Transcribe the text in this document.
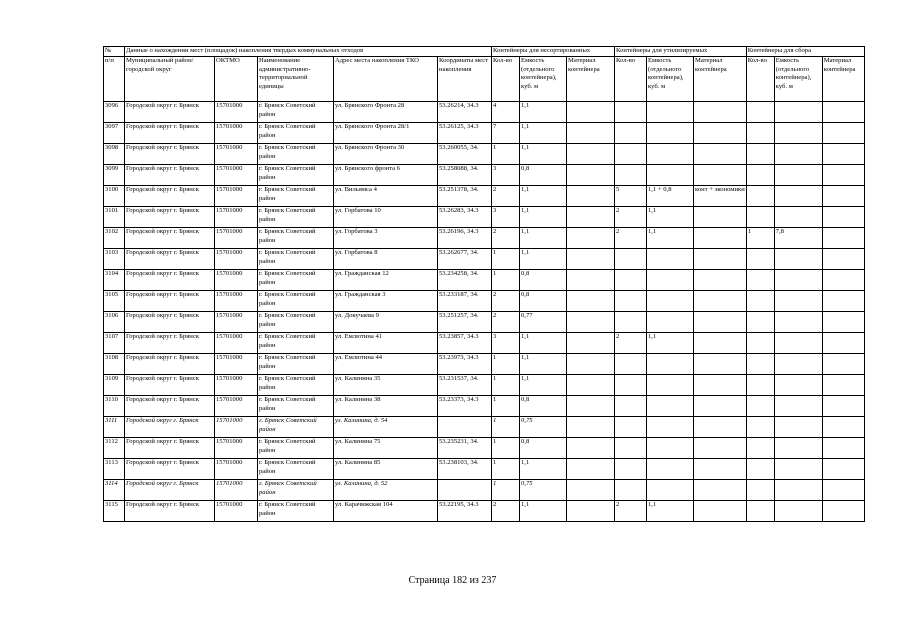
№	Данные о нахождении мест (площадок) накопления твердых коммунальных отходов					Контейнеры для несортированных			Контейнеры для утилизируемых			Контейнеры для сбора		
п/п	Муниципальный район/городской округ	ОКТМО	Наименование административно-территориальной единицы	Адрес места накопления ТКО	Координаты мест накопления	Кол-во	Емкость (отдельного контейнера), куб. м	Материал контейнера	Кол-во	Емкость (отдельного контейнера), куб. м	Материал контейнера	Кол-во	Емкость (отдельного контейнера), куб. м	Материал контейнера
3096	Городской округ г. Брянск	15701000	г. Брянск Советский район	ул. Брянского Фронта 28	53.26214, 34.3	4	1,1							
3097	Городской округ г. Брянск	15701000	г. Брянск Советский район	ул. Брянского Фронта 28/1	53.26125, 34.3	7	1,1							
3098	Городской округ г. Брянск	15701000	г. Брянск Советский район	ул. Брянского Фронта 30	53.260055, 34.	1	1,1							
3099	Городской округ г. Брянск	15701000	г. Брянск Советский район	ул. Брянского фронта 6	53.258088, 34.	3	0,8							
3100	Городской округ г. Брянск	15701000	г. Брянск Советский район	ул. Вильямса 4	53.251378, 34.	2	1,1		5	1,1 + 0,8	конт + экономики			
3101	Городской округ г. Брянск	15701000	г. Брянск Советский район	ул. Горбатова 10	53.26283, 34.3	3	1,1		2	1,1				
3102	Городской округ г. Брянск	15701000	г. Брянск Советский район	ул. Горбатова 3	53.26196, 34.3	2	1,1		2	1,1		1	7,8	
3103	Городской округ г. Брянск	15701000	г. Брянск Советский район	ул. Горбатова 8	53.262677, 34.	1	1,1							
3104	Городской округ г. Брянск	15701000	г. Брянск Советский район	ул. Гражданская 12	53.234258, 34.	1	0,8							
3105	Городской округ г. Брянск	15701000	г. Брянск Советский район	ул. Гражданская 3	53.233187, 34.	2	0,8							
3106	Городской округ г. Брянск	15701000	г. Брянск Советский район	ул. Докучаева 9	53.251257, 34.	2	0,77							
3107	Городской округ г. Брянск	15701000	г. Брянск Советский район	ул. Емлютина 41	53.23857, 34.3	3	1,1		2	1,1				
3108	Городской округ г. Брянск	15701000	г. Брянск Советский район	ул. Емлютина 44	53.23973, 34.3	1	1,1							
3109	Городской округ г. Брянск	15701000	г. Брянск Советский район	ул. Калинина 35	53.231537, 34.	1	1,1							
3110	Городской округ г. Брянск	15701000	г. Брянск Советский район	ул. Калинина 38	53.23373, 34.3	1	0,8							
3111	Городской округ г. Брянск	15701000	г. Брянск Советский район	ул. Калинина, д. 54		1	0,75							
3112	Городской округ г. Брянск	15701000	г. Брянск Советский район	ул. Калинина 75	53.235231, 34.	1	0,8							
3113	Городской округ г. Брянск	15701000	г. Брянск Советский район	ул. Калинина 85	53.238103, 34.	1	1,1							
3114	Городской округ г. Брянск	15701000	г. Брянск Советский район	ул. Калинина, д. 52		1	0,75							
3115	Городской округ г. Брянск	15701000	г. Брянск Советский район	ул. Карачижская 104	53.22195, 34.3	2	1,1		2	1,1				
Страница 182 из 237
